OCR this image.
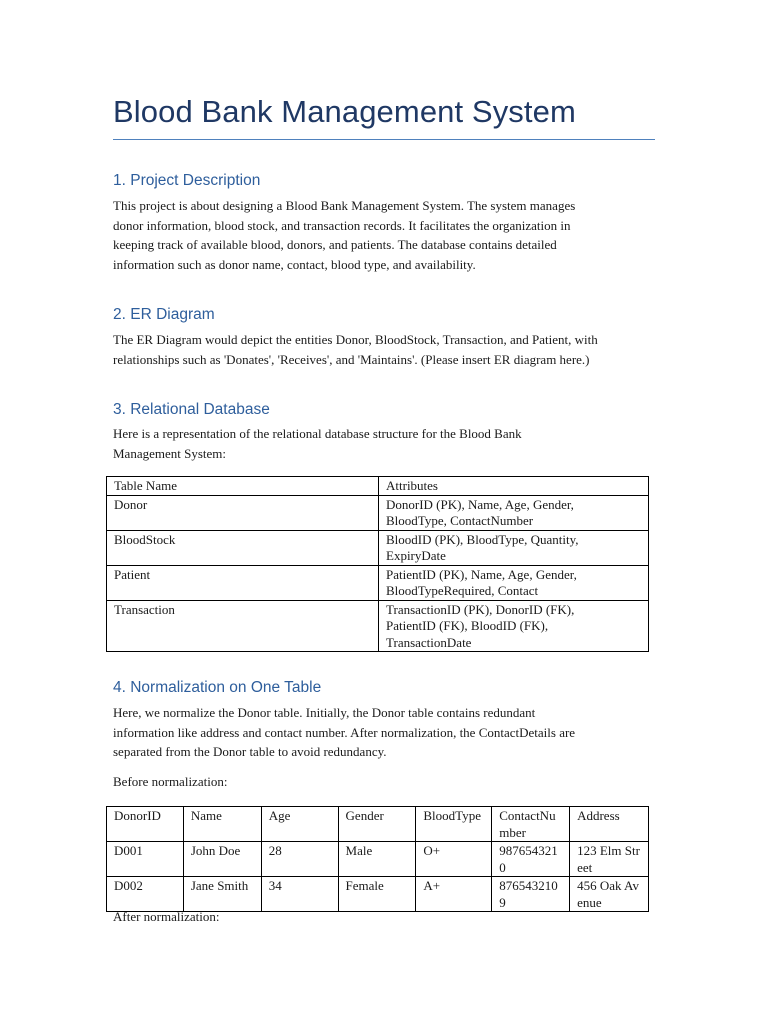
Blood Bank Management System
1. Project Description
This project is about designing a Blood Bank Management System. The system manages
donor information, blood stock, and transaction records. It facilitates the organization in
keeping track of available blood, donors, and patients. The database contains detailed
information such as donor name, contact, blood type, and availability.
2. ER Diagram
The ER Diagram would depict the entities Donor, BloodStock, Transaction, and Patient, with
relationships such as 'Donates', 'Receives', and 'Maintains'. (Please insert ER diagram here.)
3. Relational Database
Here is a representation of the relational database structure for the Blood Bank
Management System:
Table Name	Attributes
Donor	DonorID (PK), Name, Age, Gender,
BloodType, ContactNumber

BloodStock	BloodID (PK), BloodType, Quantity,
ExpiryDate

Patient	PatientID (PK), Name, Age, Gender,
BloodTypeRequired, Contact

Transaction	TransactionID (PK), DonorID (FK),
PatientID (FK), BloodID (FK),
TransactionDate
4. Normalization on One Table
Here, we normalize the Donor table. Initially, the Donor table contains redundant
information like address and contact number. After normalization, the ContactDetails are
separated from the Donor table to avoid redundancy.
Before normalization:
DonorID	Name	Age	Gender	BloodType	ContactNumber	Address
D001	John Doe	28	Male	O+	9876543210	123 Elm Street
D002	Jane Smith	34	Female	A+	8765432109	456 Oak Avenue
After normalization:
